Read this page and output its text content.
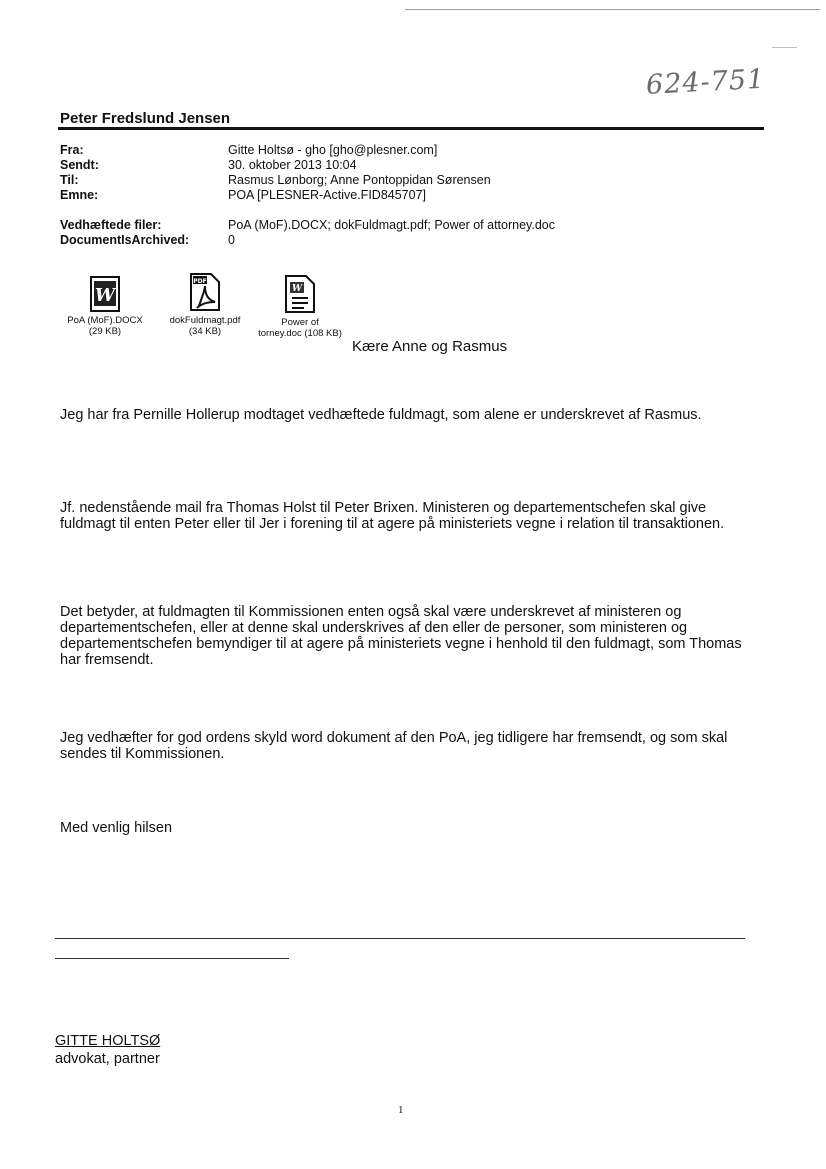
624-751
Peter Fredslund Jensen
Fra:	Gitte Holtsø - gho [gho@plesner.com]
Sendt:	30. oktober 2013 10:04
Til:	Rasmus Lønborg; Anne Pontoppidan Sørensen
Emne:	POA [PLESNER-Active.FID845707]
Vedhæftede filer:	PoA (MoF).DOCX; dokFuldmagt.pdf; Power of attorney.doc
DocumentIsArchived:	0
W
PoA (MoF).DOCX
(29 KB)
PDF
dokFuldmagt.pdf
(34 KB)
W
Power of
torney.doc (108 KB)
Kære Anne og Rasmus
Jeg har fra Pernille Hollerup modtaget vedhæftede fuldmagt, som alene er underskrevet af Rasmus.
Jf. nedenstående mail fra Thomas Holst til Peter Brixen. Ministeren og departementschefen skal give fuldmagt til enten Peter eller til Jer i forening til at agere på ministeriets vegne i relation til transaktionen.
Det betyder, at fuldmagten til Kommissionen enten også skal være underskrevet af ministeren og departementschefen, eller at denne skal underskrives af den eller de personer, som ministeren og departementschefen bemyndiger til at agere på ministeriets vegne i henhold til den fuldmagt, som Thomas har fremsendt.
Jeg vedhæfter for god ordens skyld word dokument af den PoA, jeg tidligere har fremsendt, og som skal sendes til Kommissionen.
Med venlig hilsen
GITTE HOLTSØ
advokat, partner
1
